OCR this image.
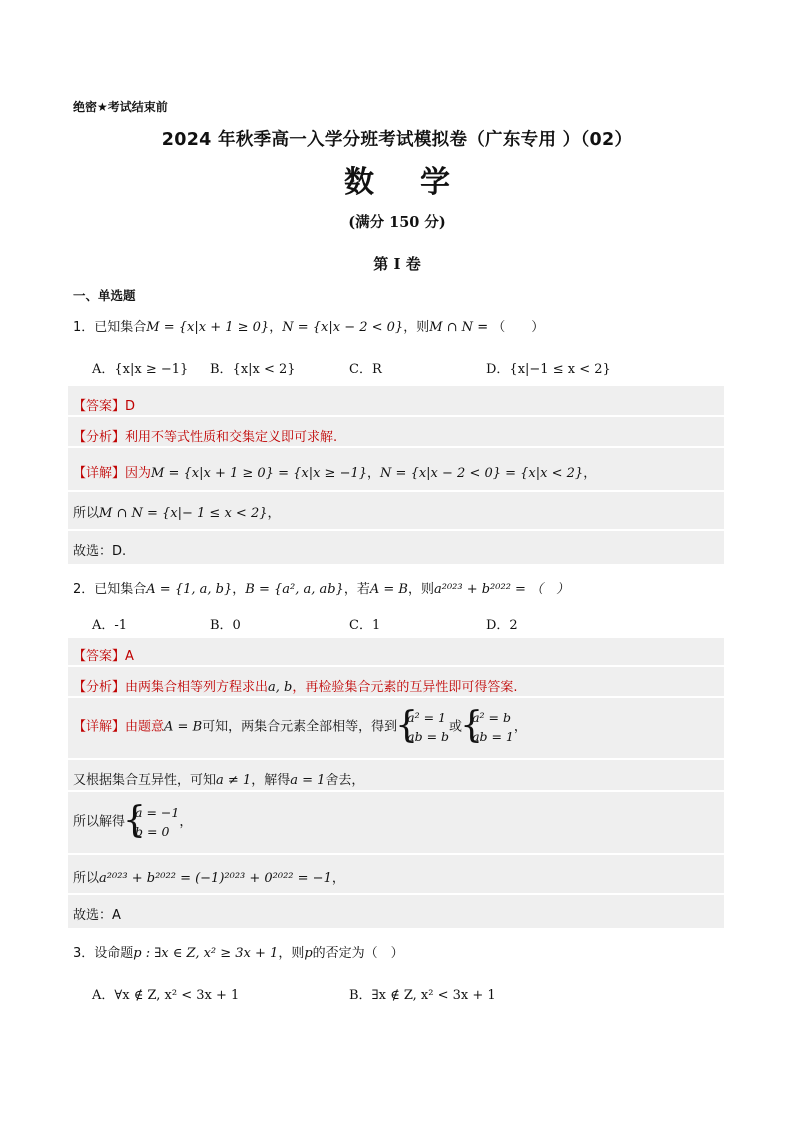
绝密★考试结束前
2024 年秋季高一入学分班考试模拟卷（广东专用 ）（02）
数学
(满分 150 分)
第 I 卷
一、单选题
1．已知集合M = {x|x + 1 ≥ 0}，N = {x|x − 2 < 0}，则M ∩ N = （　　）
A．{x|x ≥ −1} B．{x|x < 2}	C．R	D．{x|−1 ≤ x < 2}
【答案】D
【分析】利用不等式性质和交集定义即可求解.
【详解】因为M = {x|x + 1 ≥ 0} = {x|x ≥ −1}，N = {x|x − 2 < 0} = {x|x < 2}，
所以M ∩ N = {x|− 1 ≤ x < 2}，
故选：D.
2．已知集合A = {1, a, b}，B = {a², a, ab}，若A = B，则a²⁰²³ + b²⁰²² = （　）
A．-1	B．0	C．1	D．2
【答案】A
【分析】由两集合相等列方程求出a, b，再检验集合元素的互异性即可得答案.
【详解】由题意A = B可知，两集合元素全部相等，得到{ a² = 1
ab = b或{ a² = b
ab = 1，
又根据集合互异性，可知a ≠ 1，解得a = 1舍去，
所以解得{ a = −1
b = 0，
所以a²⁰²³ + b²⁰²² = (−1)²⁰²³ + 0²⁰²² = −1，
故选：A
3．设命题p : ∃x ∈ Z, x² ≥ 3x + 1，则p的否定为（　）
A．∀x ∉ Z, x² < 3x + 1	B．∃x ∉ Z, x² < 3x + 1
